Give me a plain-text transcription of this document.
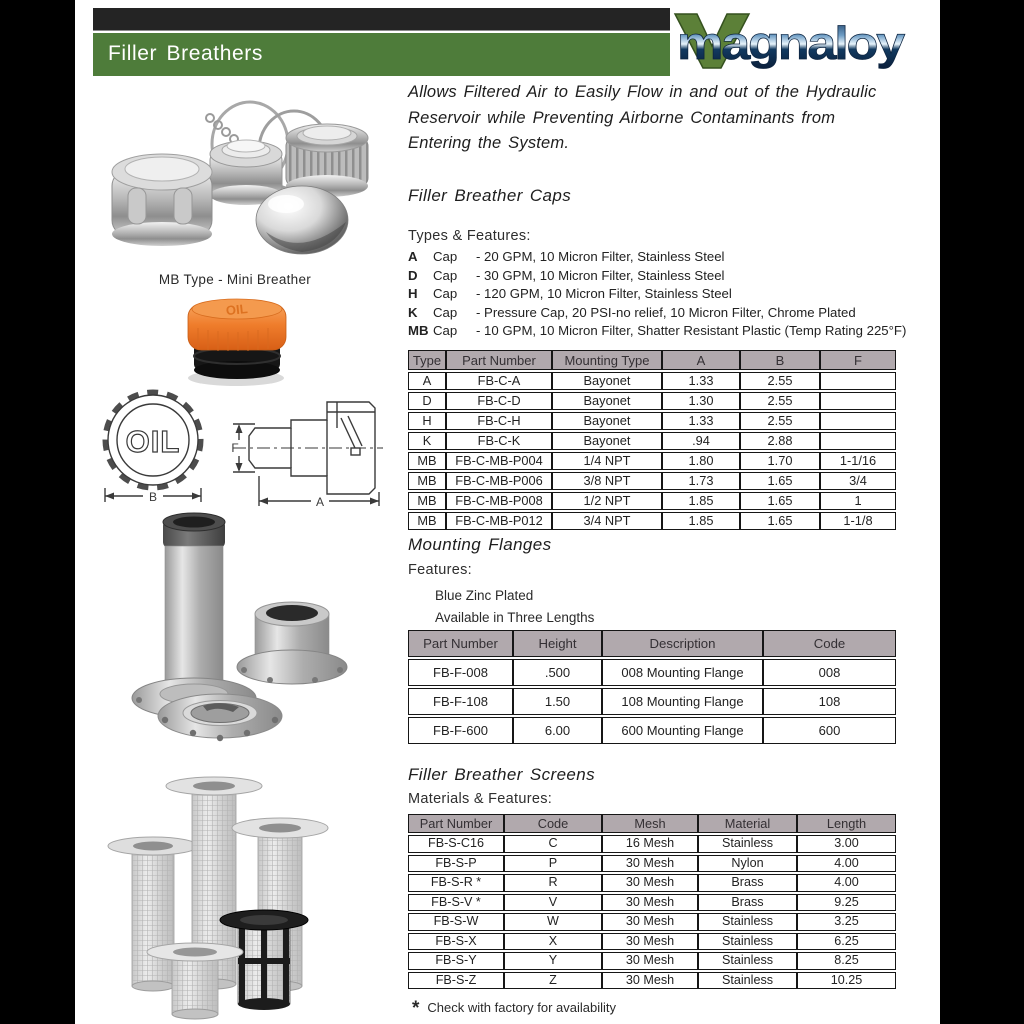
Filler Breathers	magnaloy
MB Type - Mini Breather
OIL
OIL
B
F
A
Allows Filtered Air to Easily Flow in and out of the Hydraulic Reservoir while Preventing Airborne Contaminants from Entering the System.
Filler Breather Caps
Types & Features:
A Cap - 20 GPM, 10 Micron Filter, Stainless Steel
D Cap - 30 GPM, 10 Micron Filter, Stainless Steel
H Cap - 120 GPM, 10 Micron Filter, Stainless Steel
K Cap - Pressure Cap, 20 PSI-no relief, 10 Micron Filter, Chrome Plated
MB Cap - 10 GPM, 10 Micron Filter, Shatter Resistant Plastic (Temp Rating 225°F)
Type	Part Number	Mounting Type	A	B	F
A	FB-C-A	Bayonet	1.33	2.55	
D	FB-C-D	Bayonet	1.30	2.55	
H	FB-C-H	Bayonet	1.33	2.55	
K	FB-C-K	Bayonet	.94	2.88	
MB	FB-C-MB-P004	1/4 NPT	1.80	1.70	1-1/16
MB	FB-C-MB-P006	3/8 NPT	1.73	1.65	3/4
MB	FB-C-MB-P008	1/2 NPT	1.85	1.65	1
MB	FB-C-MB-P012	3/4 NPT	1.85	1.65	1-1/8
Mounting Flanges
Features:
Blue Zinc Plated
Available in Three Lengths
Part Number	Height	Description	Code
FB-F-008	.500	008 Mounting Flange	008
FB-F-108	1.50	108 Mounting Flange	108
FB-F-600	6.00	600 Mounting Flange	600
Filler Breather Screens
Materials & Features:
Part Number	Code	Mesh	Material	Length
FB-S-C16	C	16 Mesh	Stainless	3.00
FB-S-P	P	30 Mesh	Nylon	4.00
FB-S-R *	R	30 Mesh	Brass	4.00
FB-S-V *	V	30 Mesh	Brass	9.25
FB-S-W	W	30 Mesh	Stainless	3.25
FB-S-X	X	30 Mesh	Stainless	6.25
FB-S-Y	Y	30 Mesh	Stainless	8.25
FB-S-Z	Z	30 Mesh	Stainless	10.25
* Check with factory for availability
